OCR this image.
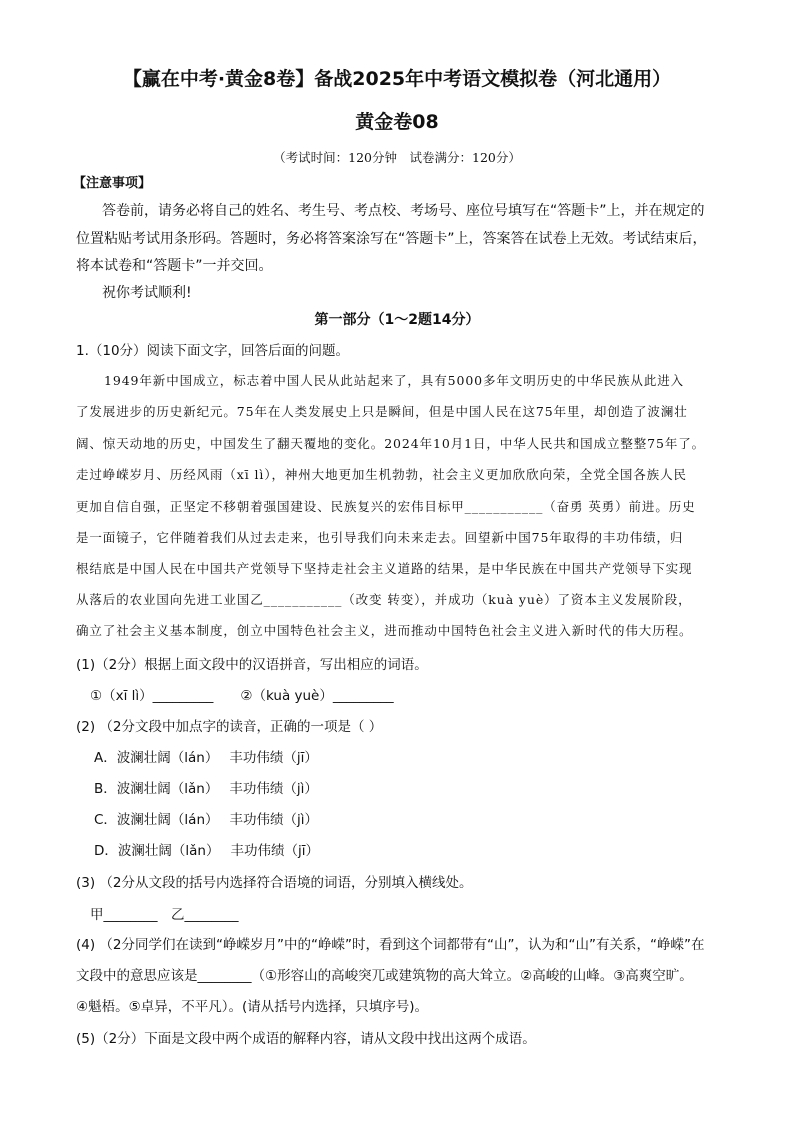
【赢在中考·黄金8卷】备战2025年中考语文模拟卷（河北通用）
黄金卷08
（考试时间：120分钟　试卷满分：120分）
【注意事项】
答卷前，请务必将自己的姓名、考生号、考点校、考场号、座位号填写在“答题卡”上，并在规定的
位置粘贴考试用条形码。答题时，务必将答案涂写在“答题卡”上，答案答在试卷上无效。考试结束后，
将本试卷和“答题卡”一并交回。
祝你考试顺利!
第一部分（1～2题14分）
1.（10分）阅读下面文字，回答后面的问题。
1949年新中国成立，标志着中国人民从此站起来了，具有5000多年文明历史的中华民族从此进入
了发展进步的历史新纪元。75年在人类发展史上只是瞬间，但是中国人民在这75年里，却创造了波澜壮
阔、惊天动地的历史，中国发生了翻天覆地的变化。2024年10月1日，中华人民共和国成立整整75年了。
走过峥嵘岁月、历经风雨（xī lì），神州大地更加生机勃勃，社会主义更加欣欣向荣，全党全国各族人民
更加自信自强，正坚定不移朝着强国建设、民族复兴的宏伟目标甲___________（奋勇 英勇）前进。历史
是一面镜子，它伴随着我们从过去走来，也引导我们向未来走去。回望新中国75年取得的丰功伟绩，归
根结底是中国人民在中国共产党领导下坚持走社会主义道路的结果，是中华民族在中国共产党领导下实现
从落后的农业国向先进工业国乙___________（改变 转变），并成功（kuà yuè）了资本主义发展阶段，
确立了社会主义基本制度，创立中国特色社会主义，进而推动中国特色社会主义进入新时代的伟大历程。
(1)（2分）根据上面文段中的汉语拼音，写出相应的词语。
①（xī lì）_________　　②（kuà yuè）_________
(2) （2分文段中加点字的读音，正确的一项是（ ）
A．波澜壮阔（lán）　 丰功伟绩（jī）
B．波澜壮阔（lǎn）　 丰功伟绩（jì）
C．波澜壮阔（lán）　 丰功伟绩（jì）
D．波澜壮阔（lǎn）　 丰功伟绩（jī）
(3) （2分从文段的括号内选择符合语境的词语，分别填入横线处。
甲________　乙________
(4) （2分同学们在读到“峥嵘岁月”中的“峥嵘”时，看到这个词都带有“山”，认为和“山”有关系，“峥嵘”在
文段中的意思应该是________（①形容山的高峻突兀或建筑物的高大耸立。②高峻的山峰。③高爽空旷。
④魁梧。⑤卓异，不平凡）。(请从括号内选择，只填序号)。
(5)（2分）下面是文段中两个成语的解释内容，请从文段中找出这两个成语。
